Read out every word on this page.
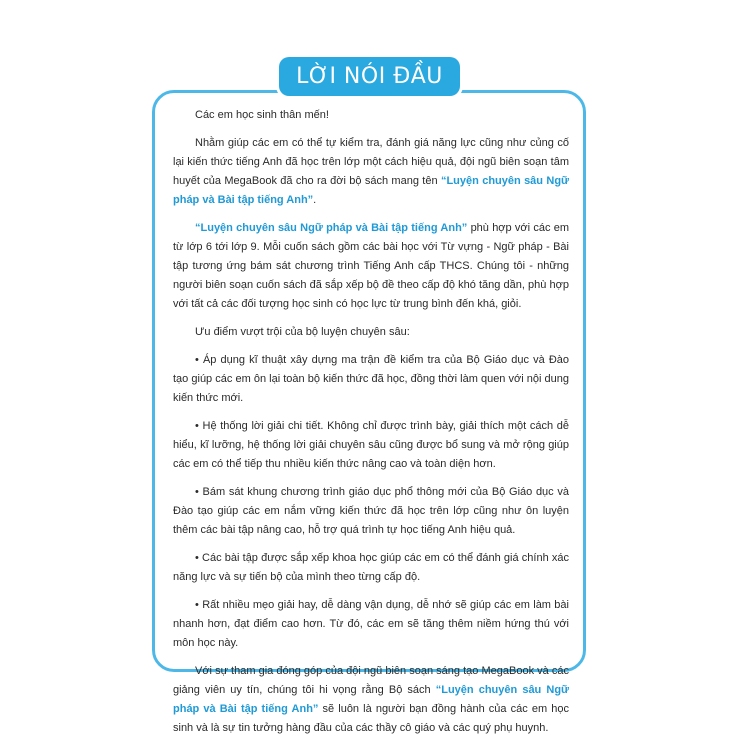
LỜI NÓI ĐẦU

Các em học sinh thân mến!

Nhằm giúp các em có thể tự kiểm tra, đánh giá năng lực cũng như củng cố lại kiến thức tiếng Anh đã học trên lớp một cách hiệu quả, đội ngũ biên soạn tâm huyết của MegaBook đã cho ra đời bộ sách mang tên “Luyện chuyên sâu Ngữ pháp và Bài tập tiếng Anh”.

“Luyện chuyên sâu Ngữ pháp và Bài tập tiếng Anh” phù hợp với các em từ lớp 6 tới lớp 9. Mỗi cuốn sách gồm các bài học với Từ vựng - Ngữ pháp - Bài tập tương ứng bám sát chương trình Tiếng Anh cấp THCS. Chúng tôi - những người biên soạn cuốn sách đã sắp xếp bộ đề theo cấp độ khó tăng dần, phù hợp với tất cả các đối tượng học sinh có học lực từ trung bình đến khá, giỏi.

Ưu điểm vượt trội của bộ luyện chuyên sâu:

• Áp dụng kĩ thuật xây dựng ma trận đề kiểm tra của Bộ Giáo dục và Đào tạo giúp các em ôn lại toàn bộ kiến thức đã học, đồng thời làm quen với nội dung kiến thức mới.

• Hệ thống lời giải chi tiết. Không chỉ được trình bày, giải thích một cách dễ hiểu, kĩ lưỡng, hệ thống lời giải chuyên sâu cũng được bổ sung và mở rộng giúp các em có thể tiếp thu nhiều kiến thức nâng cao và toàn diện hơn.

• Bám sát khung chương trình giáo dục phổ thông mới của Bộ Giáo dục và Đào tạo giúp các em nắm vững kiến thức đã học trên lớp cũng như ôn luyện thêm các bài tập nâng cao, hỗ trợ quá trình tự học tiếng Anh hiệu quả.

• Các bài tập được sắp xếp khoa học giúp các em có thể đánh giá chính xác năng lực và sự tiến bộ của mình theo từng cấp độ.

• Rất nhiều mẹo giải hay, dễ dàng vận dụng, dễ nhớ sẽ giúp các em làm bài nhanh hơn, đạt điểm cao hơn. Từ đó, các em sẽ tăng thêm niềm hứng thú với môn học này.

Với sự tham gia đóng góp của đội ngũ biên soạn sáng tạo MegaBook và các giảng viên uy tín, chúng tôi hi vọng rằng Bộ sách “Luyện chuyên sâu Ngữ pháp và Bài tập tiếng Anh” sẽ luôn là người bạn đồng hành của các em học sinh và là sự tin tưởng hàng đầu của các thầy cô giáo và các quý phụ huynh.
